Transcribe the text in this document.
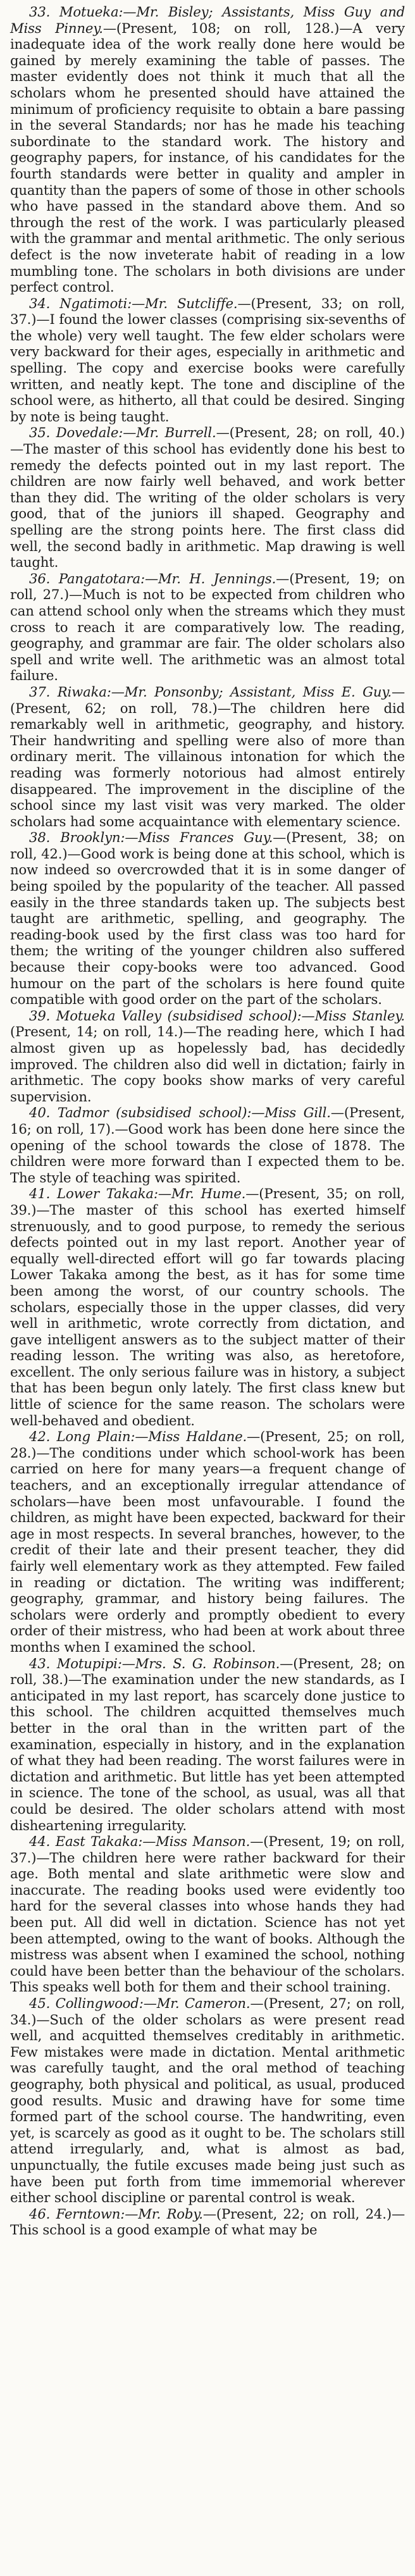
33. Motueka:—Mr. Bisley; Assistants, Miss Guy and Miss Pinney.—(Present, 108; on roll, 128.)—A very inadequate idea of the work really done here would be gained by merely examining the table of passes. The master evidently does not think it much that all the scholars whom he presented should have attained the minimum of proficiency requisite to obtain a bare passing in the several Standards; nor has he made his teaching subordinate to the standard work. The history and geography papers, for instance, of his candidates for the fourth standards were better in quality and ampler in quantity than the papers of some of those in other schools who have passed in the standard above them. And so through the rest of the work. I was particularly pleased with the grammar and mental arithmetic. The only serious defect is the now inveterate habit of reading in a low mumbling tone. The scholars in both divisions are under perfect control.

34. Ngatimoti:—Mr. Sutcliffe.—(Present, 33; on roll, 37.)—I found the lower classes (comprising six-sevenths of the whole) very well taught. The few elder scholars were very backward for their ages, especially in arithmetic and spelling. The copy and exercise books were carefully written, and neatly kept. The tone and discipline of the school were, as hitherto, all that could be desired. Singing by note is being taught.

35. Dovedale:—Mr. Burrell.—(Present, 28; on roll, 40.)—The master of this school has evidently done his best to remedy the defects pointed out in my last report. The children are now fairly well behaved, and work better than they did. The writing of the older scholars is very good, that of the juniors ill shaped. Geography and spelling are the strong points here. The first class did well, the second badly in arithmetic. Map drawing is well taught.

36. Pangatotara:—Mr. H. Jennings.—(Present, 19; on roll, 27.)—Much is not to be expected from children who can attend school only when the streams which they must cross to reach it are comparatively low. The reading, geography, and grammar are fair. The older scholars also spell and write well. The arithmetic was an almost total failure.

37. Riwaka:—Mr. Ponsonby; Assistant, Miss E. Guy.—(Present, 62; on roll, 78.)—The children here did remarkably well in arithmetic, geography, and history. Their handwriting and spelling were also of more than ordinary merit. The villainous intonation for which the reading was formerly notorious had almost entirely disappeared. The improvement in the discipline of the school since my last visit was very marked. The older scholars had some acquaintance with elementary science.

38. Brooklyn:—Miss Frances Guy.—(Present, 38; on roll, 42.)—Good work is being done at this school, which is now indeed so overcrowded that it is in some danger of being spoiled by the popularity of the teacher. All passed easily in the three standards taken up. The subjects best taught are arithmetic, spelling, and geography. The reading-book used by the first class was too hard for them; the writing of the younger children also suffered because their copy-books were too advanced. Good humour on the part of the scholars is here found quite compatible with good order on the part of the scholars.

39. Motueka Valley (subsidised school):—Miss Stanley.(Present, 14; on roll, 14.)—The reading here, which I had almost given up as hopelessly bad, has decidedly improved. The children also did well in dictation; fairly in arithmetic. The copy books show marks of very careful supervision.

40. Tadmor (subsidised school):—Miss Gill.—(Present, 16; on roll, 17).—Good work has been done here since the opening of the school towards the close of 1878. The children were more forward than I expected them to be. The style of teaching was spirited.

41. Lower Takaka:—Mr. Hume.—(Present, 35; on roll, 39.)—The master of this school has exerted himself strenuously, and to good purpose, to remedy the serious defects pointed out in my last report. Another year of equally well-directed effort will go far towards placing Lower Takaka among the best, as it has for some time been among the worst, of our country schools. The scholars, especially those in the upper classes, did very well in arithmetic, wrote correctly from dictation, and gave intelligent answers as to the subject matter of their reading lesson. The writing was also, as heretofore, excellent. The only serious failure was in history, a subject that has been begun only lately. The first class knew but little of science for the same reason. The scholars were well-behaved and obedient.

42. Long Plain:—Miss Haldane.—(Present, 25; on roll, 28.)—The conditions under which school-work has been carried on here for many years—a frequent change of teachers, and an exceptionally irregular attendance of scholars—have been most unfavourable. I found the children, as might have been expected, backward for their age in most respects. In several branches, however, to the credit of their late and their present teacher, they did fairly well elementary work as they attempted. Few failed in reading or dictation. The writing was indifferent; geography, grammar, and history being failures. The scholars were orderly and promptly obedient to every order of their mistress, who had been at work about three months when I examined the school.

43. Motupipi:—Mrs. S. G. Robinson.—(Present, 28; on roll, 38.)—The examination under the new standards, as I anticipated in my last report, has scarcely done justice to this school. The children acquitted themselves much better in the oral than in the written part of the examination, especially in history, and in the explanation of what they had been reading. The worst failures were in dictation and arithmetic. But little has yet been attempted in science. The tone of the school, as usual, was all that could be desired. The older scholars attend with most disheartening irregularity.

44. East Takaka:—Miss Manson.—(Present, 19; on roll, 37.)—The children here were rather backward for their age. Both mental and slate arithmetic were slow and inaccurate. The reading books used were evidently too hard for the several classes into whose hands they had been put. All did well in dictation. Science has not yet been attempted, owing to the want of books. Although the mistress was absent when I examined the school, nothing could have been better than the behaviour of the scholars. This speaks well both for them and their school training.

45. Collingwood:—Mr. Cameron.—(Present, 27; on roll, 34.)—Such of the older scholars as were present read well, and acquitted themselves creditably in arithmetic. Few mistakes were made in dictation. Mental arithmetic was carefully taught, and the oral method of teaching geography, both physical and political, as usual, produced good results. Music and drawing have for some time formed part of the school course. The handwriting, even yet, is scarcely as good as it ought to be. The scholars still attend irregularly, and, what is almost as bad, unpunctually, the futile excuses made being just such as have been put forth from time immemorial wherever either school discipline or parental control is weak.

46. Ferntown:—Mr. Roby.—(Present, 22; on roll, 24.)—This school is a good example of what may be
